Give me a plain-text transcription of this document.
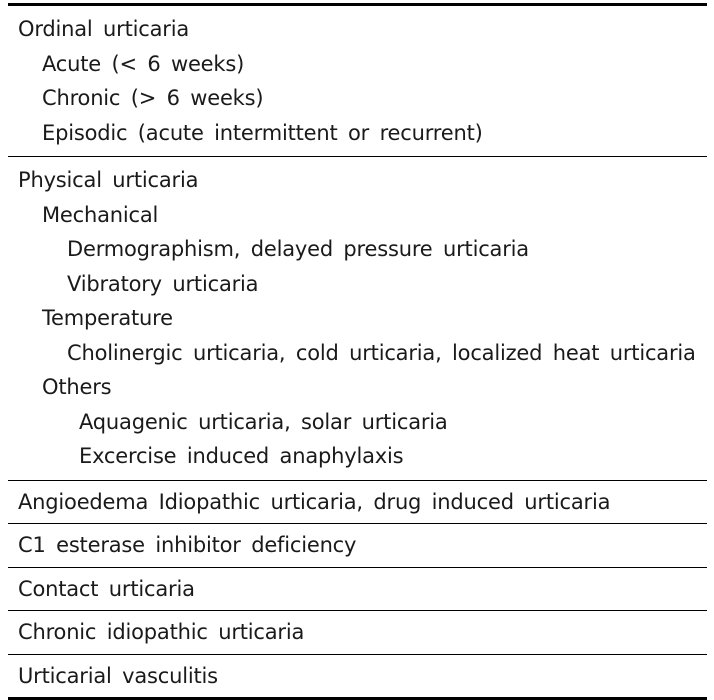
Ordinal urticaria
Acute (< 6 weeks)
Chronic (> 6 weeks)
Episodic (acute intermittent or recurrent)
Physical urticaria
Mechanical
Dermographism, delayed pressure urticaria
Vibratory urticaria
Temperature
Cholinergic urticaria, cold urticaria, localized heat urticaria
Others
Aquagenic urticaria, solar urticaria
Excercise induced anaphylaxis
Angioedema Idiopathic urticaria, drug induced urticaria
C1 esterase inhibitor deficiency
Contact urticaria
Chronic idiopathic urticaria
Urticarial vasculitis
